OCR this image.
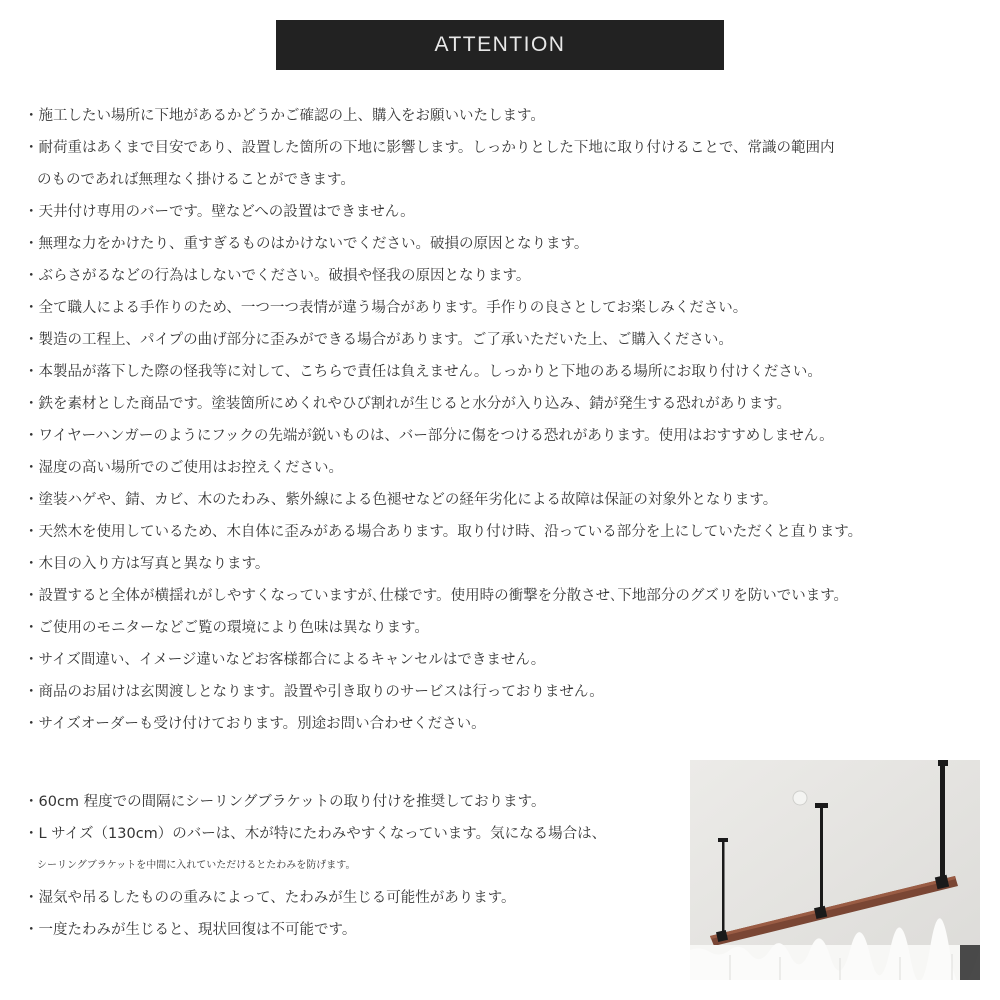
ATTENTION
・施工したい場所に下地があるかどうかご確認の上、購入をお願いいたします。
・耐荷重はあくまで目安であり、設置した箇所の下地に影響します。しっかりとした下地に取り付けることで、常識の範囲内
のものであれば無理なく掛けることができます。
・天井付け専用のバーです。壁などへの設置はできません。
・無理な力をかけたり、重すぎるものはかけないでください。破損の原因となります。
・ぶらさがるなどの行為はしないでください。破損や怪我の原因となります。
・全て職人による手作りのため、一つ一つ表情が違う場合があります。手作りの良さとしてお楽しみください。
・製造の工程上、パイプの曲げ部分に歪みができる場合があります。ご了承いただいた上、ご購入ください。
・本製品が落下した際の怪我等に対して、こちらで責任は負えません。しっかりと下地のある場所にお取り付けください。
・鉄を素材とした商品です。塗装箇所にめくれやひび割れが生じると水分が入り込み、錆が発生する恐れがあります。
・ワイヤーハンガーのようにフックの先端が鋭いものは、バー部分に傷をつける恐れがあります。使用はおすすめしません。
・湿度の高い場所でのご使用はお控えください。
・塗装ハゲや、錆、カビ、木のたわみ、紫外線による色褪せなどの経年劣化による故障は保証の対象外となります。
・天然木を使用しているため、木自体に歪みがある場合あります。取り付け時、沿っている部分を上にしていただくと直ります。
・木目の入り方は写真と異なります。
・設置すると全体が横揺れがしやすくなっていますが､仕様です。使用時の衝撃を分散させ､下地部分のグズリを防いでいます。
・ご使用のモニターなどご覧の環境により色味は異なります。
・サイズ間違い、イメージ違いなどお客様都合によるキャンセルはできません。
・商品のお届けは玄関渡しとなります。設置や引き取りのサービスは行っておりません。
・サイズオーダーも受け付けております。別途お問い合わせください。
・60cm 程度での間隔にシーリングブラケットの取り付けを推奨しております。
・L サイズ（130cm）のバーは、木が特にたわみやすくなっています。気になる場合は、
シーリングブラケットを中間に入れていただけるとたわみを防げます。
・湿気や吊るしたものの重みによって、たわみが生じる可能性があります。
・一度たわみが生じると、現状回復は不可能です。
